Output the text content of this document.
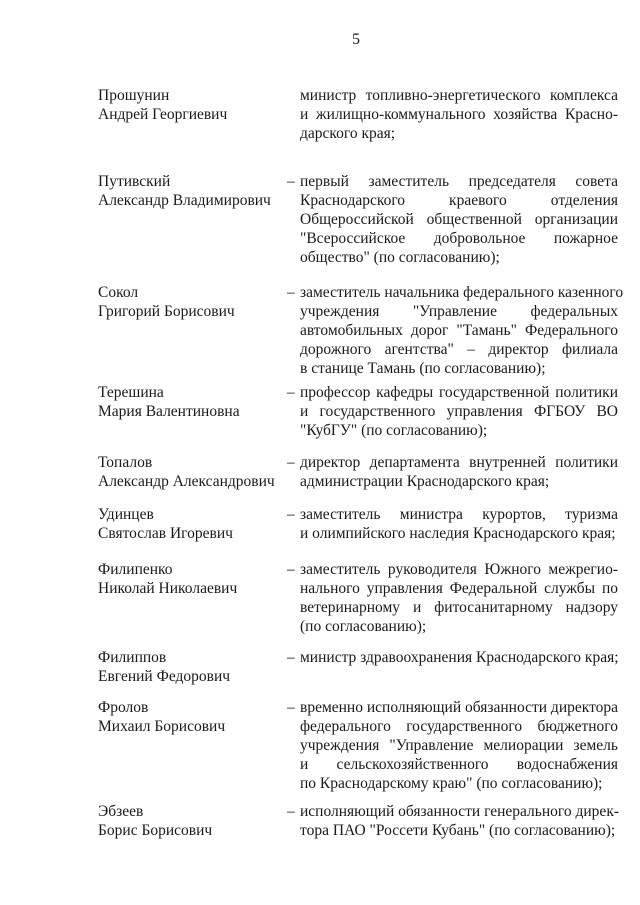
5
Прошунин
Андрей Георгиевич
министр топливно-энергетического комплекса
и жилищно-коммунального хозяйства Красно-
дарского края;
Путивский
Александр Владимирович
– первый заместитель председателя совета
Краснодарского краевого отделения
Общероссийской общественной организации
"Всероссийское добровольное пожарное
общество" (по согласованию);
Сокол
Григорий Борисович
– заместитель начальника федерального казенного
учреждения "Управление федеральных
автомобильных дорог "Тамань" Федерального
дорожного агентства" – директор филиала
в станице Тамань (по согласованию);
Терешина
Мария Валентиновна
– профессор кафедры государственной политики
и государственного управления ФГБОУ ВО
"КубГУ" (по согласованию);
Топалов
Александр Александрович
– директор департамента внутренней политики
администрации Краснодарского края;
Удинцев
Святослав Игоревич
– заместитель министра курортов, туризма
и олимпийского наследия Краснодарского края;
Филипенко
Николай Николаевич
– заместитель руководителя Южного межрегио-
нального управления Федеральной службы по
ветеринарному и фитосанитарному надзору
(по согласованию);
Филиппов
Евгений Федорович
– министр здравоохранения Краснодарского края;
Фролов
Михаил Борисович
– временно исполняющий обязанности директора
федерального государственного бюджетного
учреждения "Управление мелиорации земель
и сельскохозяйственного водоснабжения
по Краснодарскому краю" (по согласованию);
Эбзеев
Борис Борисович
– исполняющий обязанности генерального дирек-
тора ПАО "Россети Кубань" (по согласованию);
